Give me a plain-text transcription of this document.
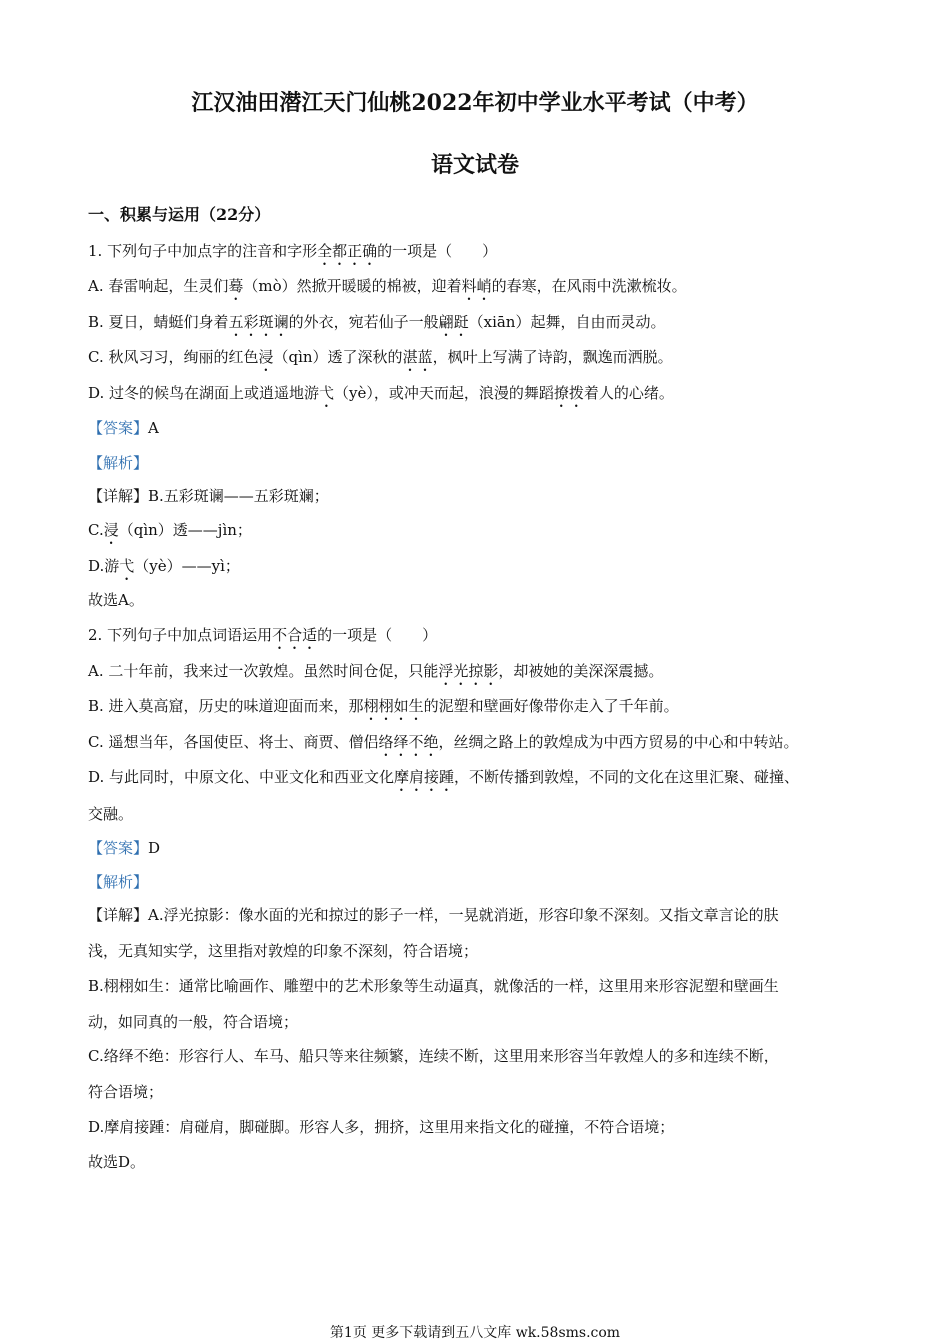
江汉油田潜江天门仙桃2022年初中学业水平考试（中考）
语文试卷

一、积累与运用（22分）

1. 下列句子中加点字的注音和字形全都正确的一项是（　　）

A. 春雷响起，生灵们蓦（mò）然掀开暖暖的棉被，迎着料峭的春寒，在风雨中洗漱梳妆。

B. 夏日，蜻蜓们身着五彩斑谰的外衣，宛若仙子一般翩跹（xiān）起舞，自由而灵动。

C. 秋风习习，绚丽的红色浸（qìn）透了深秋的湛蓝，枫叶上写满了诗韵，飘逸而洒脱。

D. 过冬的候鸟在湖面上或逍遥地游弋（yè），或冲天而起，浪漫的舞蹈撩拨着人的心绪。

【答案】A

【解析】

【详解】B.五彩斑谰——五彩斑斓；

C.浸（qìn）透——jìn；

D.游弋（yè）——yì；

故选A。

2. 下列句子中加点词语运用不合适的一项是（　　）

A. 二十年前，我来过一次敦煌。虽然时间仓促，只能浮光掠影，却被她的美深深震撼。

B. 进入莫高窟，历史的味道迎面而来，那栩栩如生的泥塑和壁画好像带你走入了千年前。

C. 遥想当年，各国使臣、将士、商贾、僧侣络绎不绝，丝绸之路上的敦煌成为中西方贸易的中心和中转站。

D. 与此同时，中原文化、中亚文化和西亚文化摩肩接踵，不断传播到敦煌，不同的文化在这里汇聚、碰撞、

交融。

【答案】D

【解析】

【详解】A.浮光掠影：像水面的光和掠过的影子一样，一晃就消逝，形容印象不深刻。又指文章言论的肤

浅，无真知实学，这里指对敦煌的印象不深刻，符合语境；

B.栩栩如生：通常比喻画作、雕塑中的艺术形象等生动逼真，就像活的一样，这里用来形容泥塑和壁画生

动，如同真的一般，符合语境；

C.络绎不绝：形容行人、车马、船只等来往频繁，连续不断，这里用来形容当年敦煌人的多和连续不断，

符合语境；

D.摩肩接踵：肩碰肩，脚碰脚。形容人多，拥挤，这里用来指文化的碰撞，不符合语境；

故选D。

第1页 更多下载请到五八文库 wk.58sms.com
